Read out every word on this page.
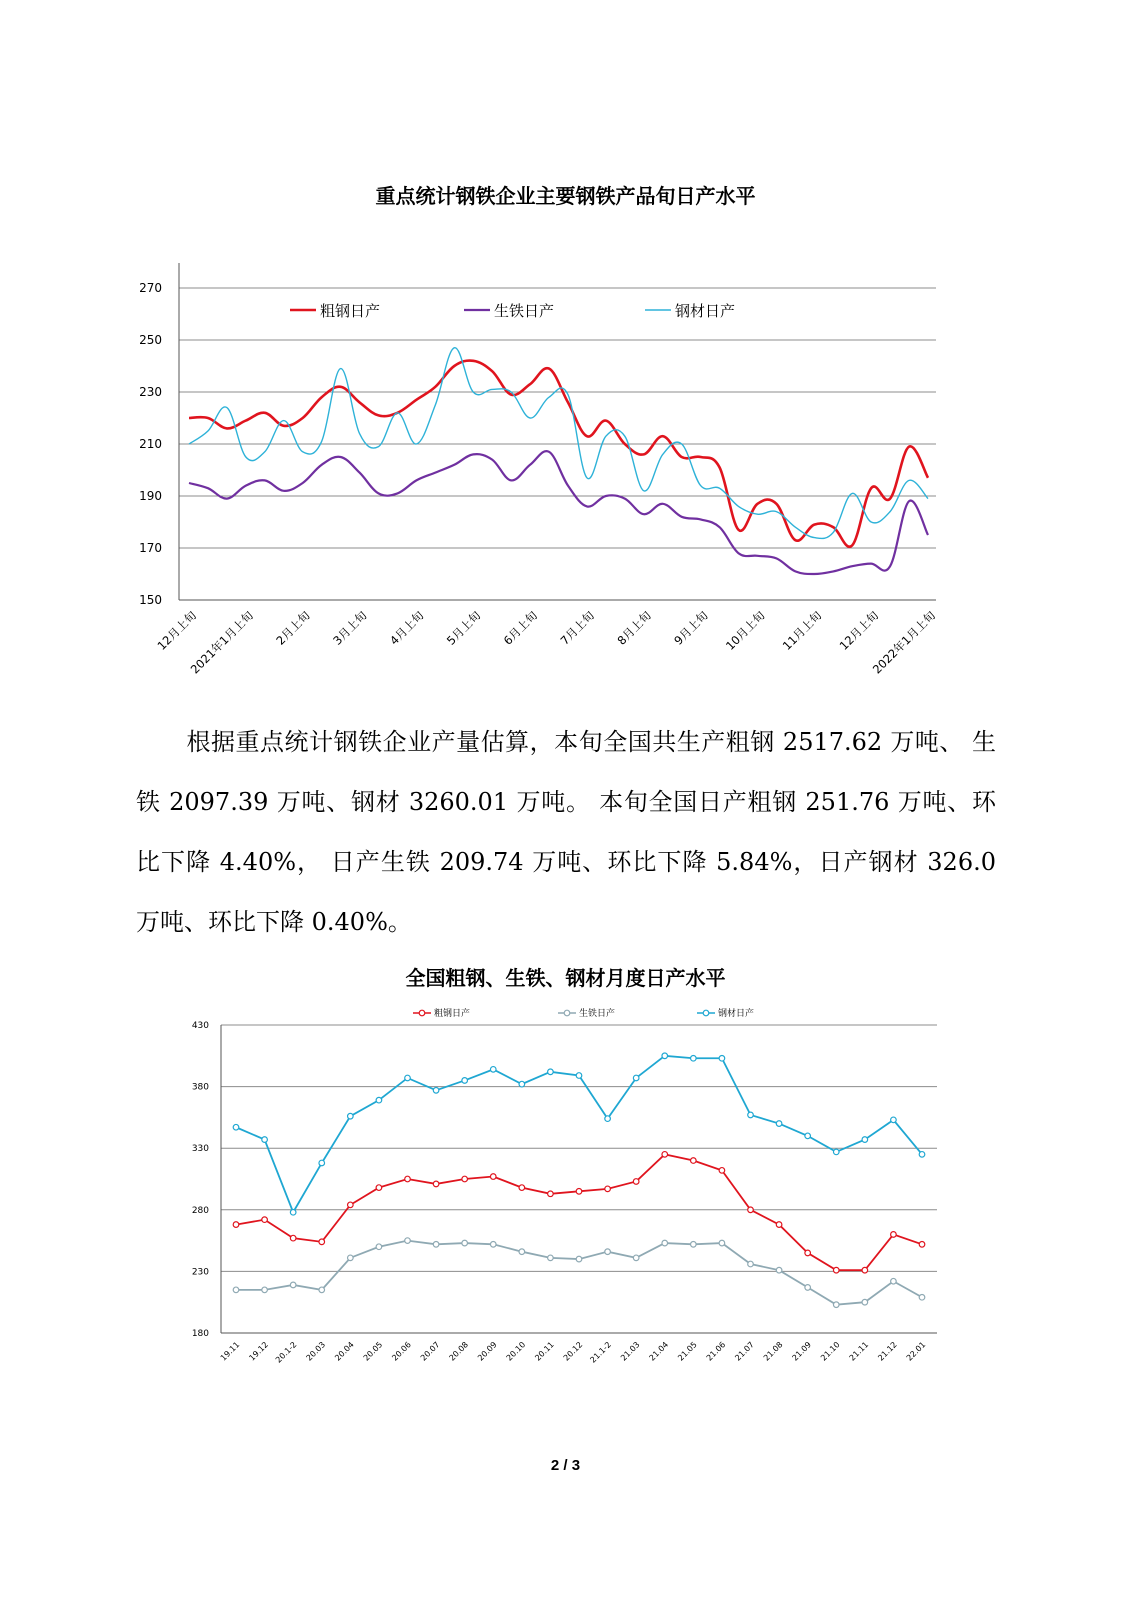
重点统计钢铁企业主要钢铁产品旬日产水平
150
170
190
210
230
250
270
12月上旬
2021年1月上旬 2月上旬 3月上旬 4月上旬 5月上旬 6月上旬 7月上旬 8月上旬 9月上旬 10月上旬 11月上旬 12月上旬
2022年1月上旬
粗钢日产	生铁日产	钢材日产
根据重点统计钢铁企业产量估算，本旬全国共生产粗钢 2517.62 万吨、 生铁 2097.39 万吨、钢材 3260.01 万吨。 本旬全国日产粗钢 251.76 万吨、环比下降 4.40%， 日产生铁 209.74 万吨、环比下降 5.84%，日产钢材 326.0 万吨、环比下降 0.40%。
全国粗钢、生铁、钢材月度日产水平
180
230
280
330
380
430
19.11 19.12 20.1-2 20.03 20.04 20.05 20.06 20.07 20.08 20.09 20.10 20.11 20.12 21.1-2 21.03 21.04 21.05 21.06 21.07 21.08 21.09 21.10 21.11 21.12 22.01
粗钢日产	生铁日产	钢材日产
2 / 3
